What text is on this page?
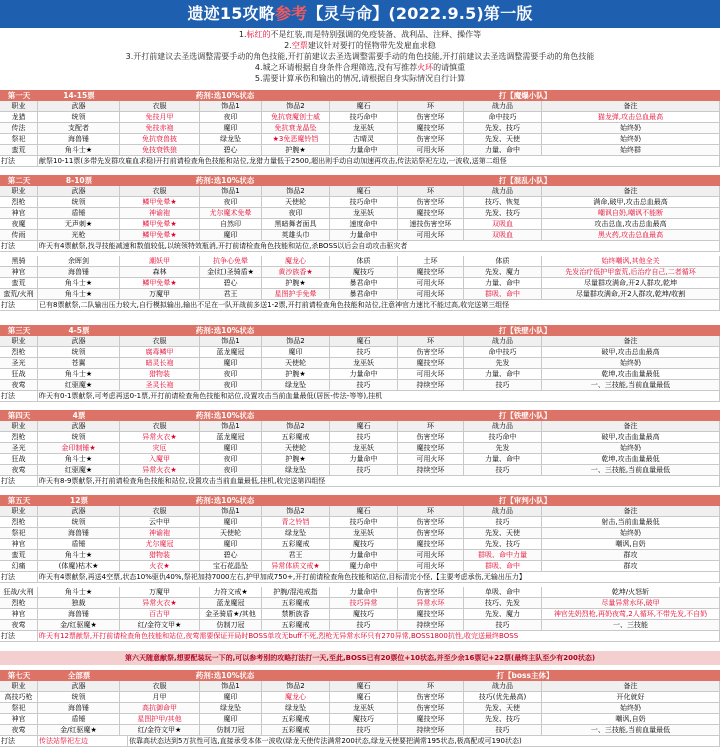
遗迹15攻略参考【灵与命】(2022.9.5)第一版
1.标红的不是红装,而是特别强调的免疫装备、战利品、注释、操作等
2.空票建议针对要打的怪物带先发雇血求稳
3.开打前建议去圣选调整需要手动的角色技能,开打前建议去圣选调整需要手动的角色技能,开打前建议去圣选调整需要手动的角色技能
4.城之环请根据自身条件合理筛选,没有写推荐火环的请慎重
5.需要计算承伤和输出的情况,请根据自身实际情况自行计算
第一天	14-15票	药剂:选10%状态	打【魔爆小队】
职业	武器	衣服	饰品1	饰品2	魔石	环	战力品	备注
龙猎	统领	免技月甲	夜印	免抗衰魔创士威	技巧命中	伤害空环	命中技巧	猫龙弹,攻击总血最高
传法	支配者	免技赤袍	魔印	免抗衰龙晶坠	龙巫妖	魔技空环	先发、技巧	始终奶
祭祀	海兽锤	免抗衰兽披	绿龙坠	★3免恶魔铃铛	古晴灵	伤害空环	先发、天使	始终奶
蛮荒	角斗士★	免技衰铁狼	碧心	护腕★	力量命中	可用火环	力量、命中	始终群
打法	献祭10-11票(多带先发群攻雇血求稳)开打前请检查角色技能和站位,龙猎力量低于2500,超出则手动自动加速再攻击,传法站祭祀左边,一波收,送第二组怪
第二天	8-10票	药剂:选10%状态	打【混乱小队】
职业	武器	衣服	饰品1	饰品2	魔石	环	战力品	备注
烈枪	统领	鳞甲免晕★	夜印	天使轮	技巧命中	伤害空环	技巧、恢复	满命,破甲,攻击总血最高
神官	盾锤	神谕袍	尤尔魔术免晕	夜印	龙巫妖	魔技空环	先发、技巧	嘲讽自奶,嘲讽不能断
夜魔	无声刺★	鳞甲免晕★	自然印	黑暗舞者面具	速度命中	速技伤害空环	双吸血	攻击总血,攻击总血最高
传雨	光枪	鳞甲免晕★	魔印	英雄头巾	力量命中	可用火环	双吸血	黑火药,攻击总血最高
打法	昨天有4票献祭,找寻技能减速和数值较低,以统领特效瓶消,开打前请检查角色技能和站位,杀BOSS以后会自动攻击驱灾者
黑骑	余晖剑	潮妖甲	抗争心免晕	魔龙心	体质	土环	体质	始终嘲讽,其他全关
神官	海兽锤	森林	金(红)圣骑盾★	黄沙族香★	魔技巧	魔技空环	先发、魔力	先发治疗低护甲蛮荒,后治疗自己,二者循环
蛮荒	角斗士★	鳞甲免晕★	碧心	护腕★	暴君命中	可用火环	力量、命中	尽量群攻满命,开2人群攻,乾坤
蛮荒/火刑	角斗士★	万魔甲	君王	星图护手免晕	暴君命中	可用火环	群吸、命中	尽量群攻满命,开2人群攻,乾坤/收割
打法	已有8票献祭,二队输出压力较大,自行模拟输出,输出不足在一队开战前多送1-2票,开打前请检查角色技能和站位,注意神官力速比不能过高,收完送第三组怪
第三天	4-5票	药剂:选10%状态	打【铁壁小队】
职业	武器	衣服	饰品1	饰品2	魔石	环	战力品	备注
烈枪	统领	腐毒鳞甲	蓝龙魔冠	魔印	技巧	伤害空环	命中技巧	破甲,攻击总血最高
圣光	苍翼	暗灵长袍	魔印	天使轮	龙巫妖	魔技空环	先发	始终奶
狂战	角斗士★	猎物装	夜印	护腕★	力量命中	可用火环	力量、命中	乾坤,攻击血量最低
夜莺	红驱魔★	圣灵长袍	夜印	绿龙坠	技巧	持续空环	技巧	一、三技能,当前血量最低
打法	昨天有0-1票献祭,可考虑再送0-1票,开打前请检查角色技能和站位,设置攻击当前血量最低(居医-传法-等等),挂机
第四天	4票	药剂:选10%状态	打【铁壁小队】
职业	武器	衣服	饰品1	饰品2	魔石	环	战力品	备注
烈枪	统领	异常火衣★	蓝龙魔冠	五彩魔戒	技巧	伤害空环	技巧命中	破甲,攻击血量最高
圣光	金印制锤★	灾厄	魔印	天使轮	龙巫妖	魔技空环	先发	始终奶
狂战	角斗士★	入魔甲	夜印	护腕★	力量命中	可用火环	力量、命中	乾坤,攻击血量最低
夜莺	红驱魔★	异常火衣★	夜印	绿龙坠	技巧	持续空环	技巧	一、三技能,当前血量最低
打法	昨天有8-9票献祭,开打前请检查角色技能和站位,设置攻击当前血量最低,挂机,收完送第四组怪
第五天	12票	药剂:选10%状态	打【审判小队】
职业	武器	衣服	饰品1	饰品2	魔石	环	战力品	备注
烈枪	统领	云中甲	魔印	青之铃铛	技巧命中	伤害空环	技巧	射击,当前血量最低
祭祀	海兽锤	神谕袍	天使轮	绿龙坠	龙巫妖	伤害空环	先发、天使	始终奶
神官	盾锤	尤尔魔冠	魔印	五彩魔戒	魔技巧	魔技空环	先发、技巧	嘲讽,自奶
蛮荒	角斗士★	猎物装	碧心	君王	力量命中	可用火环	群吸、命中力量	群攻
幻痛	(体魔)枯木★	火衣★	宝石花晶坠	异常体质文戒★	魔力命中	可用火环	群吸、命中	群攻
打法	昨天有4票献祭,再送4空票,状态10%驱仇40%,祭祀加持7000左右,护甲加成750+,开打前请检查角色技能和站位,目标清完小怪,【主要考虑承伤,无输出压力】
狂战/火刑	角斗士★	万魔甲	力符文戒★	护腕/混沌戒指	力量命中	伤害空环	单吸、命中	乾坤/火怒斩
烈枪	独裁	异常火衣★	蓝龙魔冠	五彩魔戒	技巧异常	异常水环	技巧、先发	尽量异常水环,破甲
神官	海兽锤	百古甲	金圣骑盾★/其他	禁断族香	魔技巧	魔技空环	先发、魔力	神官先奶烈枪,再奶夜莺,2人循环,不带先发,不自奶
夜莺	金/红驱魔★	红/金符文甲★	仿制刀冠	五彩魔戒	技巧	持续空环	技巧	一、三技能
打法	昨天有12票献祭,开打前请检查角色技能和站位,夜莺需要保证开局时BOSS单攻无buff不死,烈枪无异常水环只有270异常,BOSS1800抗性,收完送最终BOSS
第六天随意献祭,想要配装玩一下的,可以参考别的攻略打法打一天,至此,BOSS已有20票位+10状态,并至少余16票记+22票(最终主队至少有200状态)
第七天	全部票	药剂:选10%状态	打【boss主体】
职业	武器	衣服	饰品1	饰品2	魔石	环	战力品	备注
高技巧枪	统领	月甲	魔印	魔龙心	魔石	伤害空环	技巧(优先最高)	开化就好
祭祀	海兽锤	高抗御命甲	绿龙坠	绿龙坠	龙巫妖	伤害空环	先发、天使	始终奶
神官	盾锤	星图护甲/其他	魔印	五彩魔戒	魔技巧	魔技空环	先发、技巧	嘲讽,自奶
夜莺	金/红驱魔★	红/金符文甲★	仿制刀冠	五彩魔戒	技巧	持续空环	技巧	一、三技能,当前血量最低
打法	传法站祭祀左边	依靠高状态达到5万抗性可选,直接承受本体一波收(绿龙天使传法满常200状态,绿龙天使要把满常195状态,极高配或可190状态)
